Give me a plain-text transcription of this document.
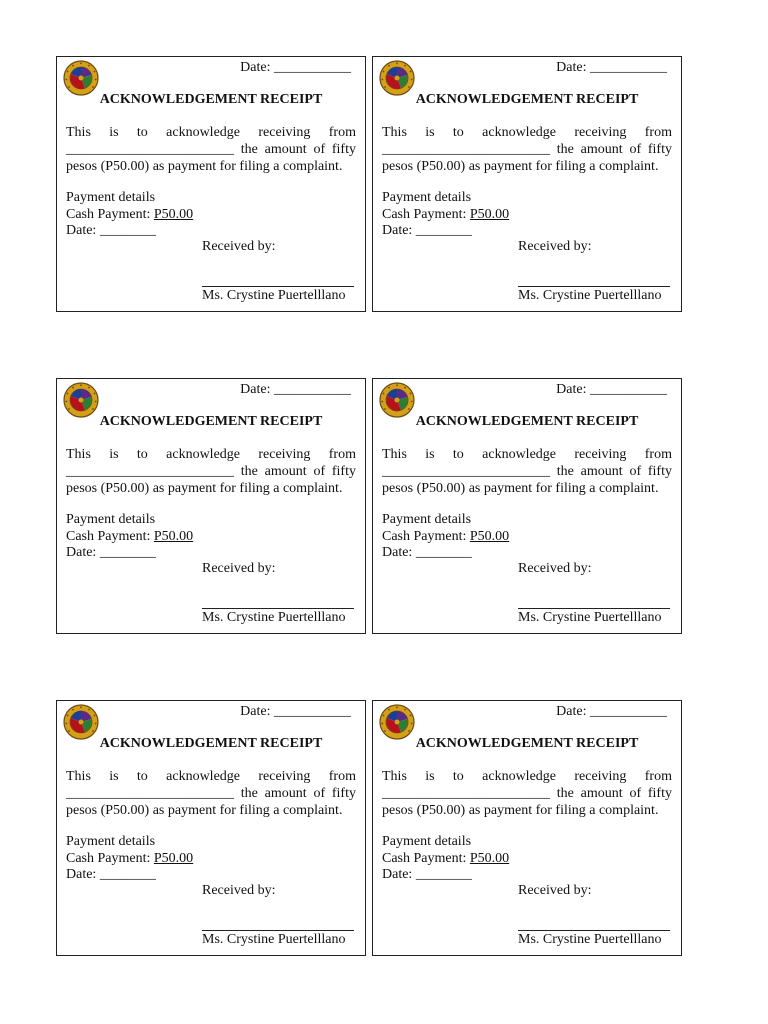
Date: ___________
ACKNOWLEDGEMENT RECEIPT
This is to acknowledge receiving from
________________________ the amount of fifty
pesos (P50.00) as payment for filing a complaint.
Payment details
Cash Payment: P50.00
Date: ________
Received by:
Ms. Crystine Puertelllano
Date: ___________
ACKNOWLEDGEMENT RECEIPT
This is to acknowledge receiving from
________________________ the amount of fifty
pesos (P50.00) as payment for filing a complaint.
Payment details
Cash Payment: P50.00
Date: ________
Received by:
Ms. Crystine Puertelllano
Date: ___________
ACKNOWLEDGEMENT RECEIPT
This is to acknowledge receiving from
________________________ the amount of fifty
pesos (P50.00) as payment for filing a complaint.
Payment details
Cash Payment: P50.00
Date: ________
Received by:
Ms. Crystine Puertelllano
Date: ___________
ACKNOWLEDGEMENT RECEIPT
This is to acknowledge receiving from
________________________ the amount of fifty
pesos (P50.00) as payment for filing a complaint.
Payment details
Cash Payment: P50.00
Date: ________
Received by:
Ms. Crystine Puertelllano
Date: ___________
ACKNOWLEDGEMENT RECEIPT
This is to acknowledge receiving from
________________________ the amount of fifty
pesos (P50.00) as payment for filing a complaint.
Payment details
Cash Payment: P50.00
Date: ________
Received by:
Ms. Crystine Puertelllano
Date: ___________
ACKNOWLEDGEMENT RECEIPT
This is to acknowledge receiving from
________________________ the amount of fifty
pesos (P50.00) as payment for filing a complaint.
Payment details
Cash Payment: P50.00
Date: ________
Received by:
Ms. Crystine Puertelllano
